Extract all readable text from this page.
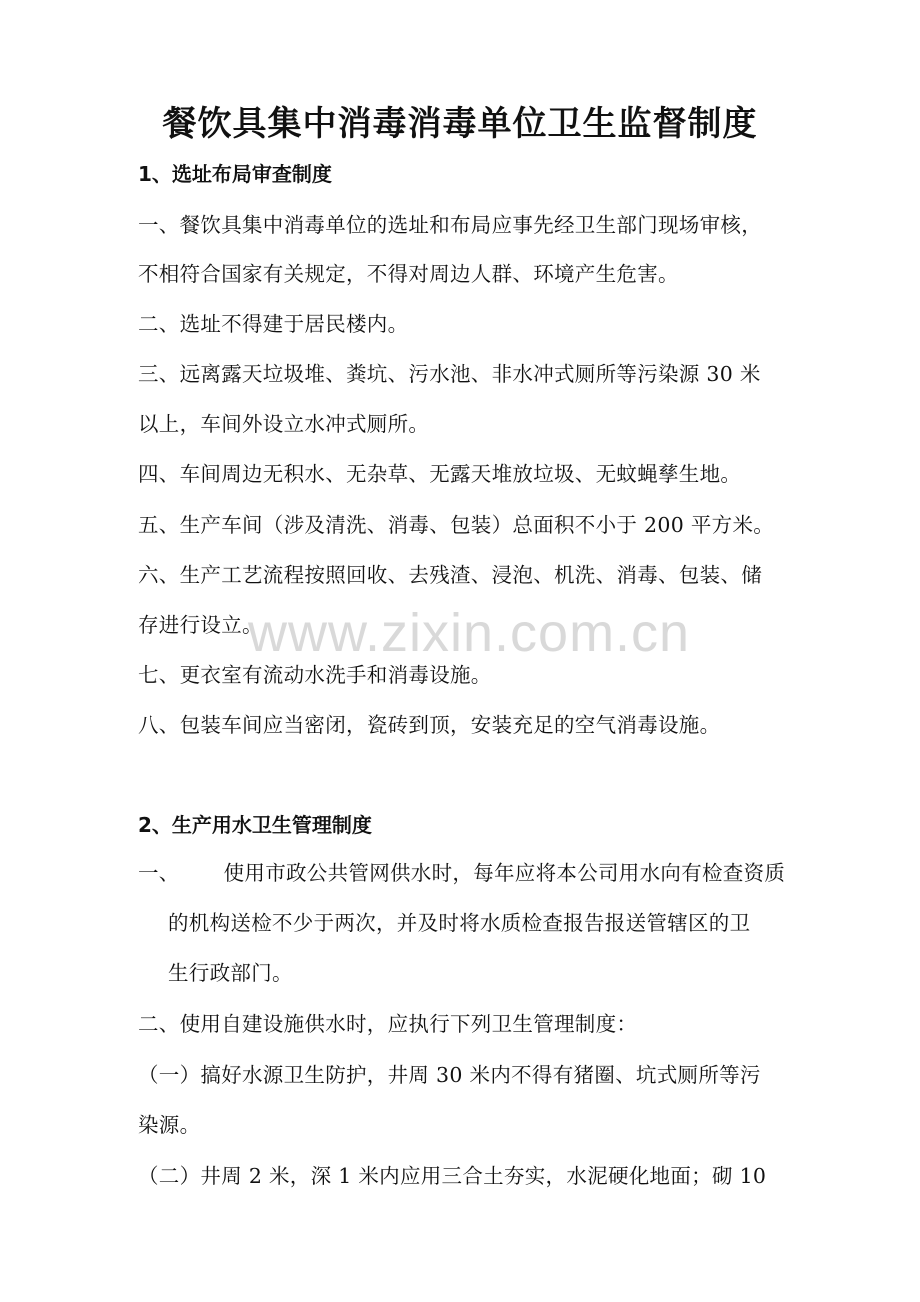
www.zixin.com.cn
餐饮具集中消毒消毒单位卫生监督制度
1、选址布局审查制度
一、餐饮具集中消毒单位的选址和布局应事先经卫生部门现场审核，
不相符合国家有关规定，不得对周边人群、环境产生危害。
二、选址不得建于居民楼内。
三、远离露天垃圾堆、粪坑、污水池、非水冲式厕所等污染源 30 米
以上，车间外设立水冲式厕所。
四、车间周边无积水、无杂草、无露天堆放垃圾、无蚊蝇孳生地。
五、生产车间（涉及清洗、消毒、包装）总面积不小于 200 平方米。
六、生产工艺流程按照回收、去残渣、浸泡、机洗、消毒、包装、储
存进行设立。
七、更衣室有流动水洗手和消毒设施。
八、包装车间应当密闭，瓷砖到顶，安装充足的空气消毒设施。
2、生产用水卫生管理制度
一、 使用市政公共管网供水时，每年应将本公司用水向有检查资质
的机构送检不少于两次，并及时将水质检查报告报送管辖区的卫
生行政部门。
二、使用自建设施供水时，应执行下列卫生管理制度：
（一）搞好水源卫生防护，井周 30 米内不得有猪圈、坑式厕所等污
染源。
（二）井周 2 米，深 1 米内应用三合土夯实，水泥硬化地面；砌 10
